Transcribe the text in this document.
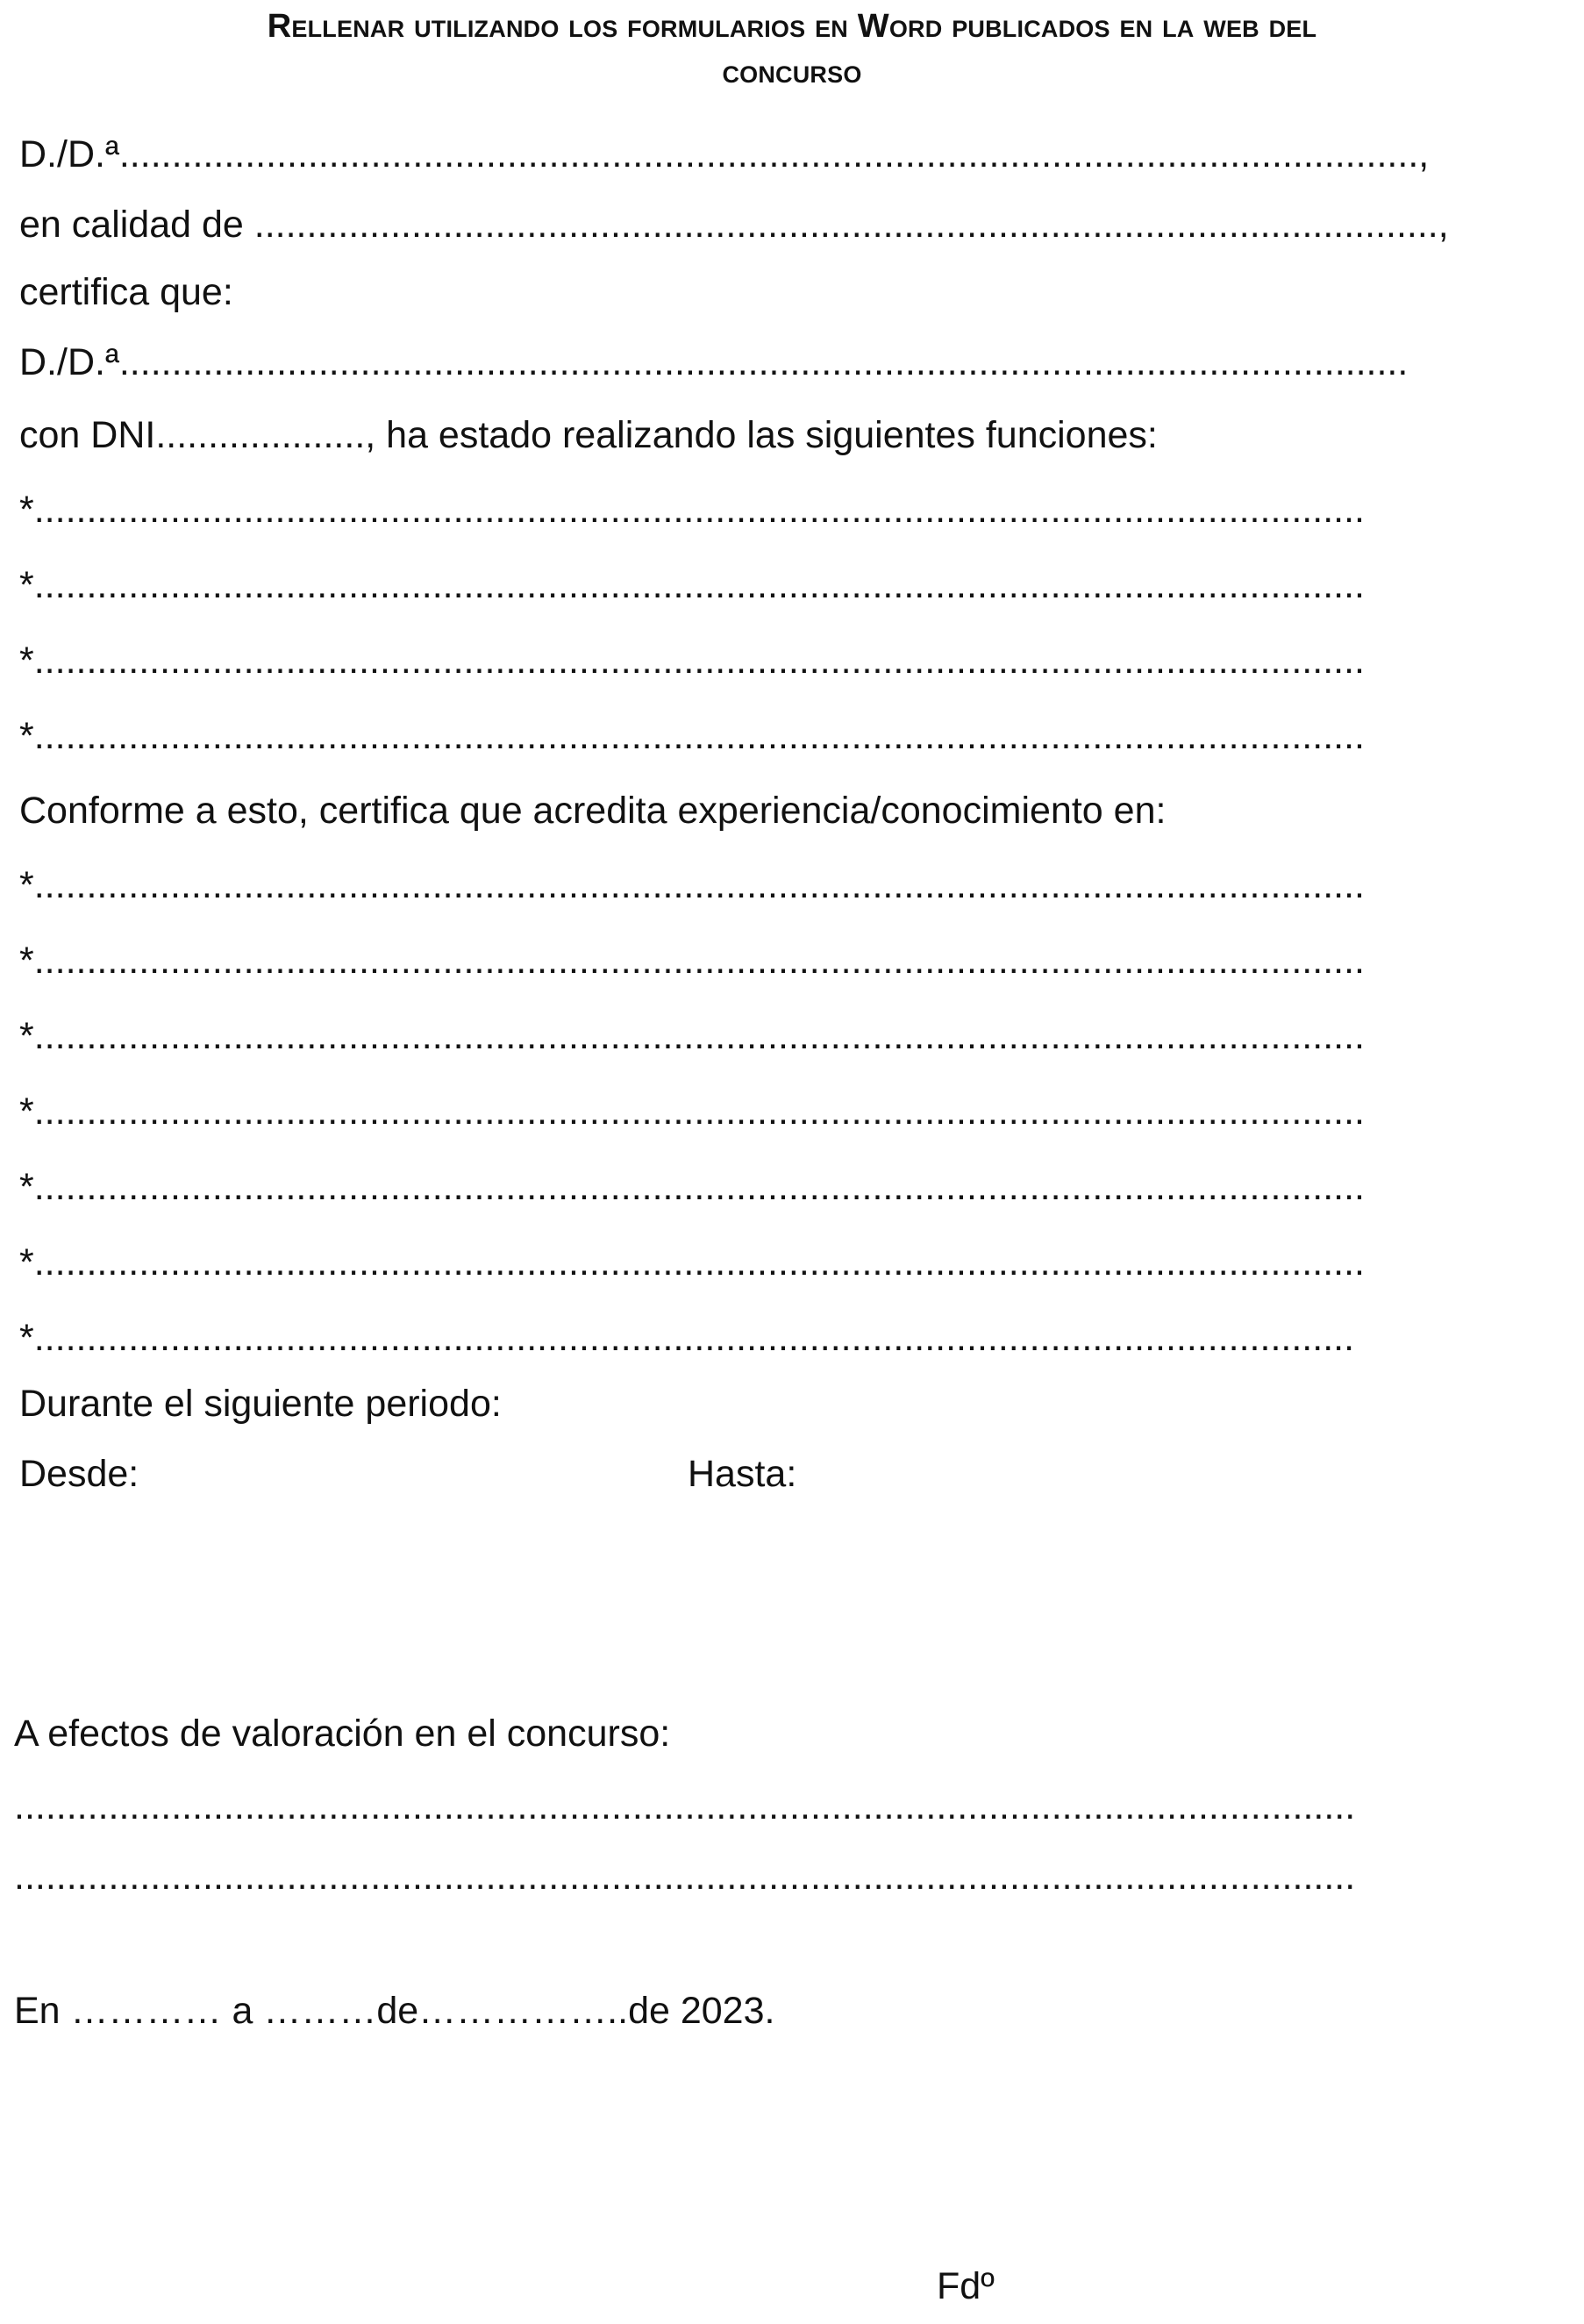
Rellenar utilizando los formularios en Word publicados en la web del
concurso
D./D.ª............................................................................................................................,
en calidad de .................................................................................................................,
certifica que:
D./D.ª...........................................................................................................................
con DNI...................., ha estado realizando las siguientes funciones:
*...............................................................................................................................
*...............................................................................................................................
*...............................................................................................................................
*...............................................................................................................................
Conforme a esto, certifica que acredita experiencia/conocimiento en:
*...............................................................................................................................
*...............................................................................................................................
*...............................................................................................................................
*...............................................................................................................................
*...............................................................................................................................
*...............................................................................................................................
*..............................................................................................................................
Durante el siguiente periodo:
Desde:	Hasta:
A efectos de valoración en el concurso:
................................................................................................................................
................................................................................................................................
En ………… a ………de……………..de 2023.
Fdº
